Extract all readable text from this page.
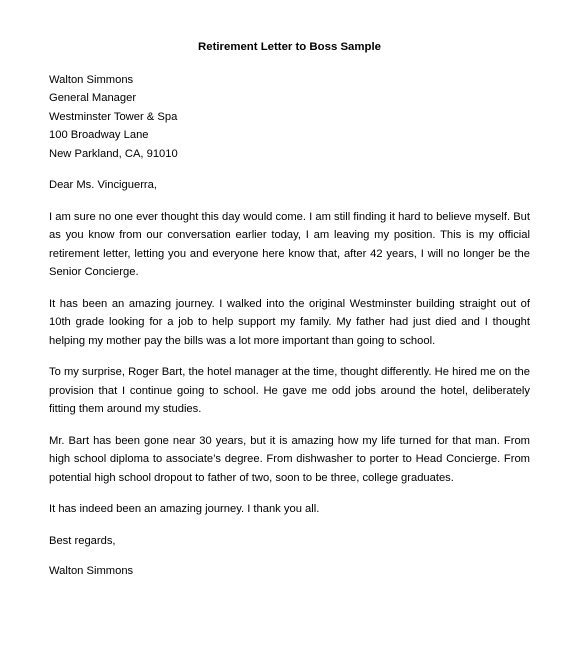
Retirement Letter to Boss Sample

Walton Simmons

General Manager

Westminster Tower & Spa

100 Broadway Lane

New Parkland, CA, 91010

Dear Ms. Vinciguerra,

I am sure no one ever thought this day would come. I am still finding it hard to believe myself. But as you know from our conversation earlier today, I am leaving my position. This is my official retirement letter, letting you and everyone here know that, after 42 years, I will no longer be the Senior Concierge.

It has been an amazing journey. I walked into the original Westminster building straight out of 10th grade looking for a job to help support my family. My father had just died and I thought helping my mother pay the bills was a lot more important than going to school.

To my surprise, Roger Bart, the hotel manager at the time, thought differently. He hired me on the provision that I continue going to school. He gave me odd jobs around the hotel, deliberately fitting them around my studies.

Mr. Bart has been gone near 30 years, but it is amazing how my life turned for that man. From high school diploma to associate’s degree. From dishwasher to porter to Head Concierge. From potential high school dropout to father of two, soon to be three, college graduates.

It has indeed been an amazing journey. I thank you all.

Best regards,

Walton Simmons
